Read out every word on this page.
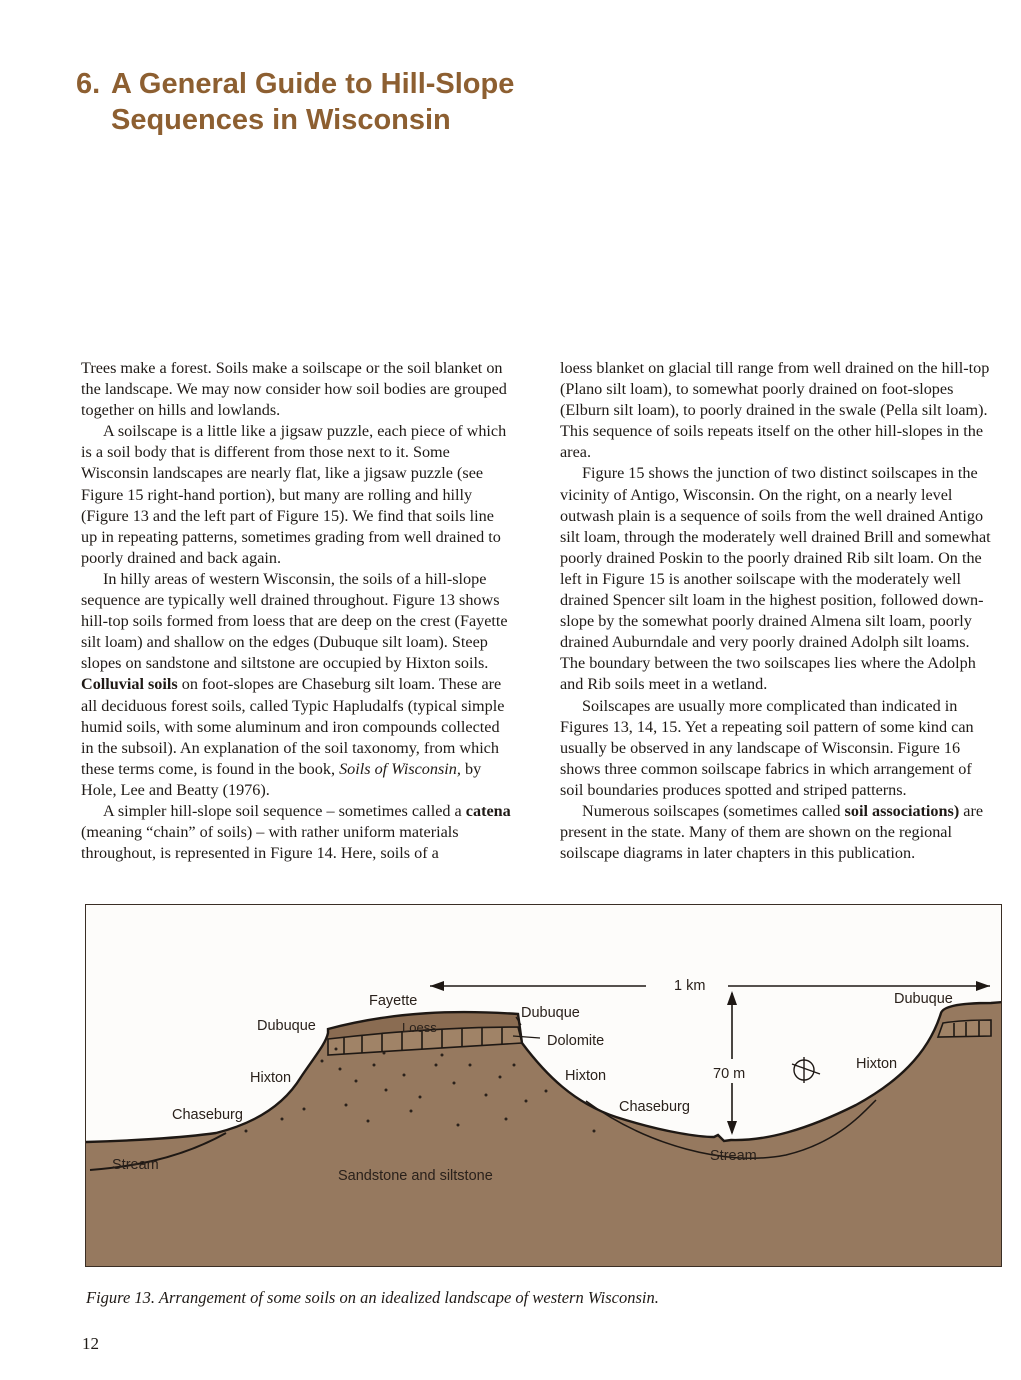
6. A General Guide to Hill-Slope
Sequences in Wisconsin

Trees make a forest. Soils make a soilscape or the soil blanket on the landscape. We may now consider how soil bodies are grouped together on hills and lowlands.

A soilscape is a little like a jigsaw puzzle, each piece of which is a soil body that is different from those next to it. Some Wisconsin landscapes are nearly flat, like a jigsaw puzzle (see Figure 15 right-hand portion), but many are rolling and hilly (Figure 13 and the left part of Figure 15). We find that soils line up in repeating patterns, sometimes grading from well drained to poorly drained and back again.

In hilly areas of western Wisconsin, the soils of a hill-slope sequence are typically well drained throughout. Figure 13 shows hill-top soils formed from loess that are deep on the crest (Fayette silt loam) and shallow on the edges (Dubuque silt loam). Steep slopes on sandstone and siltstone are occupied by Hixton soils. Colluvial soils on foot-slopes are Chaseburg silt loam. These are all deciduous forest soils, called Typic Hapludalfs (typical simple humid soils, with some aluminum and iron compounds collected in the subsoil). An explanation of the soil taxonomy, from which these terms come, is found in the book, Soils of Wisconsin, by Hole, Lee and Beatty (1976).

A simpler hill-slope soil sequence – sometimes called a catena (meaning “chain” of soils) – with rather uniform materials throughout, is represented in Figure 14. Here, soils of a

loess blanket on glacial till range from well drained on the hill-top (Plano silt loam), to somewhat poorly drained on foot-slopes (Elburn silt loam), to poorly drained in the swale (Pella silt loam). This sequence of soils repeats itself on the other hill-slopes in the area.

Figure 15 shows the junction of two distinct soilscapes in the vicinity of Antigo, Wisconsin. On the right, on a nearly level outwash plain is a sequence of soils from the well drained Antigo silt loam, through the moderately well drained Brill and somewhat poorly drained Poskin to the poorly drained Rib silt loam. On the left in Figure 15 is another soilscape with the moderately well drained Spencer silt loam in the highest position, followed down-slope by the somewhat poorly drained Almena silt loam, poorly drained Auburndale and very poorly drained Adolph silt loams. The boundary between the two soilscapes lies where the Adolph and Rib soils meet in a wetland.

Soilscapes are usually more complicated than indicated in Figures 13, 14, 15. Yet a repeating soil pattern of some kind can usually be observed in any landscape of Wisconsin. Figure 16 shows three common soilscape fabrics in which arrangement of soil boundaries produces spotted and striped patterns.

Numerous soilscapes (sometimes called soil associations) are present in the state. Many of them are shown on the regional soilscape diagrams in later chapters in this publication.

Fayette
Dubuque	Loess
Dubuque
Dolomite
Hixton	Hixton
Hixton
Chaseburg	Chaseburg
Stream
Stream
Sandstone and siltstone
Dubuque
1 km
70 m
Figure 13. Arrangement of some soils on an idealized landscape of western Wisconsin.
12
